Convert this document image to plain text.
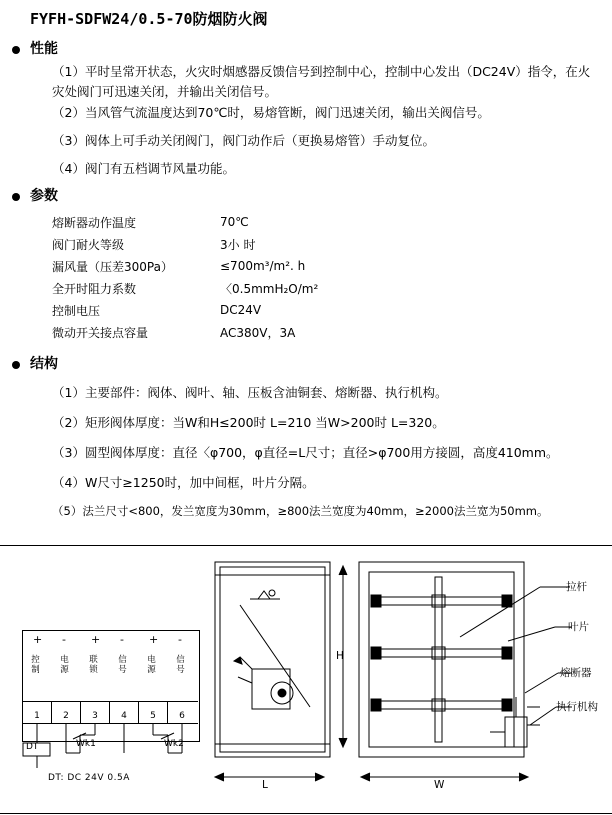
FYFH-SDFW24/0.5-70防烟防火阀
性能
（1）平时呈常开状态，火灾时烟感器反馈信号到控制中心，控制中心发出（DC24V）指令，在火灾处阀门可迅速关闭，并输出关闭信号。
（2）当风管气流温度达到70℃时，易熔管断，阀门迅速关闭，输出关阀信号。
（3）阀体上可手动关闭阀门，阀门动作后（更换易熔管）手动复位。
（4）阀门有五档调节风量功能。
参数
熔断器动作温度	70℃
阀门耐火等级	3小 时
漏风量（压差300Pa）	≤700m³/m². h
全开时阻力系数	〈0.5mmH₂O/m²
控制电压	DC24V
微动开关接点容量	AC380V，3A
结构
（1）主要部件：阀体、阀叶、轴、压板含油铜套、熔断器、执行机构。
（2）矩形阀体厚度：当W和H≤200时 L=210 当W>200时 L=320。
（3）圆型阀体厚度：直径〈φ700，φ直径=L尺寸；直径>φ700用方接圆，高度410mm。
（4）W尺寸≥1250时，加中间框，叶片分隔。
（5）法兰尺寸<800，发兰宽度为30mm，≥800法兰宽度为40mm，≥2000法兰宽为50mm。
+ - + - + -
控制
电源
联锁
信号
电源
信号
1	2	3	4	5	6
DT	Wk1	Wk2
DT: DC 24V 0.5A
H
L	W
拉杆
叶片
熔断器
执行机构
